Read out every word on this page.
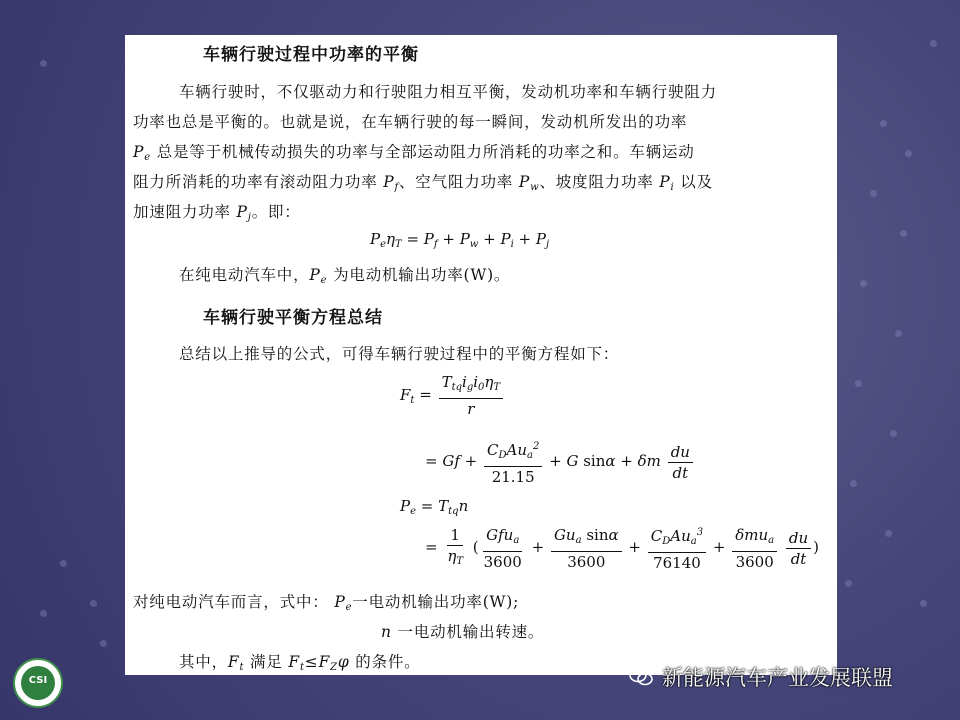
车辆行驶过程中功率的平衡
车辆行驶时，不仅驱动力和行驶阻力相互平衡，发动机功率和车辆行驶阻力
功率也总是平衡的。也就是说，在车辆行驶的每一瞬间，发动机所发出的功率
$P_e$ 总是等于机械传动损失的功率与全部运动阻力所消耗的功率之和。车辆运动
阻力所消耗的功率有滚动阻力功率 $P_f$、空气阻力功率 $P_w$、坡度阻力功率 $P_i$ 以及
加速阻力功率 $P_j$。即：
$P_e\eta_T = P_f + P_w + P_i + P_j$
在纯电动汽车中，$P_e$ 为电动机输出功率(W)。
车辆行驶平衡方程总结
总结以上推导的公式，可得车辆行驶过程中的平衡方程如下：
$F_t = \frac{T_{tq}i_gi_0\eta_T}{r}$
= $Gf + \frac{C_DAu_a^2}{21.15} + G$ sinα + δm $\frac{du}{dt}$
$P_e = T_{tq}n$
= $\frac{1}{\eta_T}$ ( $\frac{Gfu_a}{3600} + \frac{Gu_a \sin\alpha}{3600} + \frac{C_DAu_a^3}{76140} + \frac{\delta mu_a}{3600}$
$\frac{du}{dt}$ )
对纯电动汽车而言，式中： $P_e$一电动机输出功率(W);
n 一电动机输出转速。
其中，$F_t$ 满足 $F_t\le F_Z\varphi$ 的条件。
CSI	新能源汽车产业发展联盟
